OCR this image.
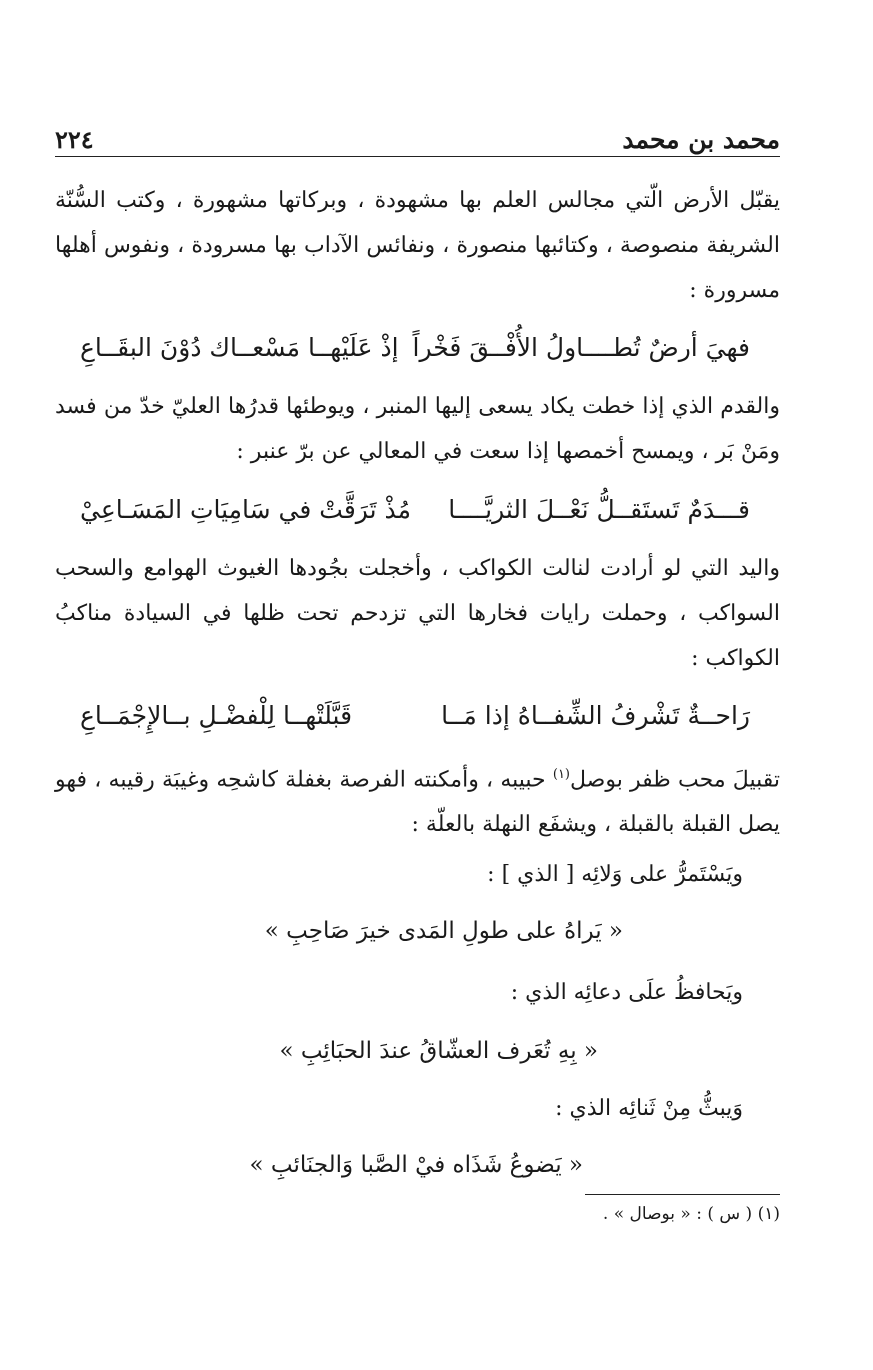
محمد بن محمد
٢٢٤
يقبّل الأرض الّتي مجالس العلم بها مشهودة ، وبركاتها مشهورة ، وكتب السُّنّة الشريفة منصوصة ، وكتائبها منصورة ، ونفائس الآداب بها مسرودة ، ونفوس أهلها مسرورة :
فهيَ أرضٌ تُطــــاولُ الأُفْــقَ فَخْراً
إذْ عَلَيْهــا مَسْعــاك دُوْنَ البقَــاعِ
والقدم الذي إذا خطت يكاد يسعى إليها المنبر ، ويوطئها قدرُها العليّ خدّ من فسد ومَنْ بَر ، ويمسح أخمصها إذا سعت في المعالي عن برّ عنبر :
قـــدَمٌ تَستَقــلُّ نَعْــلَ الثريَّــــا
مُذْ تَرَقَّتْ في سَامِيَاتِ المَسَـاعِيْ
واليد التي لو أرادت لنالت الكواكب ، وأخجلت بجُودها الغيوث الهوامع والسحب السواكب ، وحملت رايات فخارها التي تزدحم تحت ظلها في السيادة مناكبُ الكواكب :
رَاحــةٌ تَشْرفُ الشِّفــاهُ إذا مَــا
قَبَّلَتْهــا لِلْفضْـلِ بــالإِجْمَــاعِ
تقبيلَ محب ظفر بوصل$^{(١)}$ حبيبه ، وأمكنته الفرصة بغفلة كاشحِه وغيبَة رقيبه ، فهو يصل القبلة بالقبلة ، ويشفَع النهلة بالعلّة :
ويَسْتَمرُّ على وَلائِه [ الذي ] :
« يَراهُ على طولِ المَدى خيرَ صَاحِبِ »
ويَحافظُ علَى دعائِه الذي :
« بِهِ تُعَرف العشّاقُ عندَ الحبَائِبِ »
وَيبثُّ مِنْ ثَنائِه الذي :
« يَضوعُ شَذَاه فيْ الصَّبا وَالجنَائبِ »
(١) ( س ) : « بوصال » .
